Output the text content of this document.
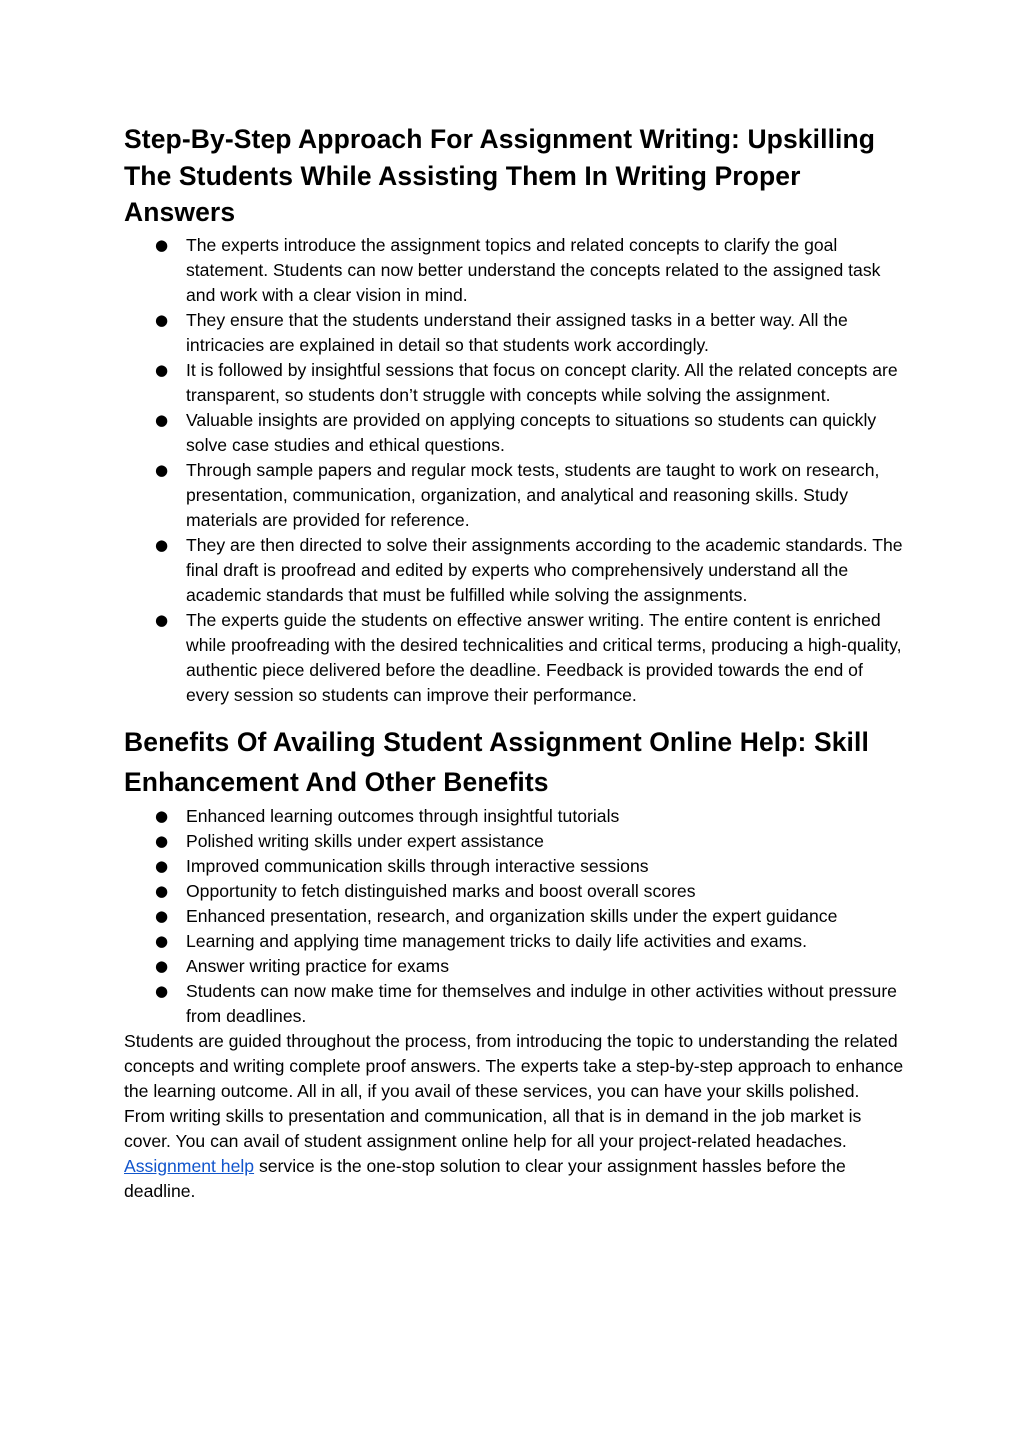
Step-By-Step Approach For Assignment Writing: Upskilling The Students While Assisting Them In Writing Proper Answers
● The experts introduce the assignment topics and related concepts to clarify the goal statement. Students can now better understand the concepts related to the assigned task and work with a clear vision in mind.
● They ensure that the students understand their assigned tasks in a better way. All the intricacies are explained in detail so that students work accordingly.
● It is followed by insightful sessions that focus on concept clarity. All the related concepts are transparent, so students don’t struggle with concepts while solving the assignment.
● Valuable insights are provided on applying concepts to situations so students can quickly solve case studies and ethical questions.
● Through sample papers and regular mock tests, students are taught to work on research, presentation, communication, organization, and analytical and reasoning skills. Study materials are provided for reference.
● They are then directed to solve their assignments according to the academic standards. The final draft is proofread and edited by experts who comprehensively understand all the academic standards that must be fulfilled while solving the assignments.
● The experts guide the students on effective answer writing. The entire content is enriched while proofreading with the desired technicalities and critical terms, producing a high-quality, authentic piece delivered before the deadline. Feedback is provided towards the end of every session so students can improve their performance.
Benefits Of Availing Student Assignment Online Help: Skill Enhancement And Other Benefits
● Enhanced learning outcomes through insightful tutorials
● Polished writing skills under expert assistance
● Improved communication skills through interactive sessions
● Opportunity to fetch distinguished marks and boost overall scores
● Enhanced presentation, research, and organization skills under the expert guidance
● Learning and applying time management tricks to daily life activities and exams.
● Answer writing practice for exams
● Students can now make time for themselves and indulge in other activities without pressure from deadlines.

Students are guided throughout the process, from introducing the topic to understanding the related concepts and writing complete proof answers. The experts take a step-by-step approach to enhance the learning outcome. All in all, if you avail of these services, you can have your skills polished. From writing skills to presentation and communication, all that is in demand in the job market is cover. You can avail of student assignment online help for all your project-related headaches. Assignment help service is the one-stop solution to clear your assignment hassles before the deadline.
